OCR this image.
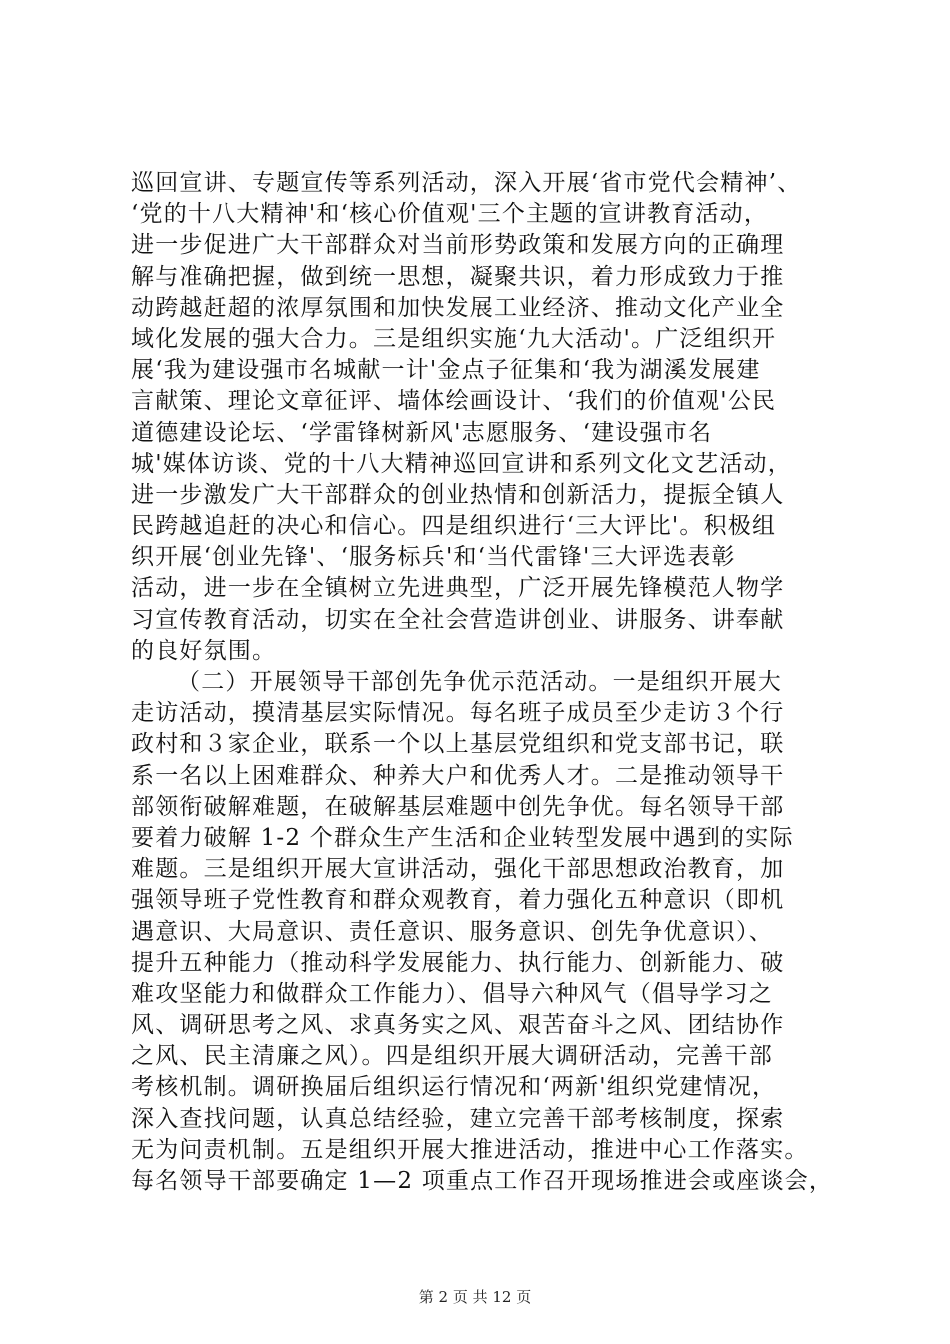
巡回宣讲、专题宣传等系列活动，深入开展‘省市党代会精神’、
‘党的十八大精神'和‘核心价值观'三个主题的宣讲教育活动，
进一步促进广大干部群众对当前形势政策和发展方向的正确理
解与准确把握，做到统一思想，凝聚共识，着力形成致力于推
动跨越赶超的浓厚氛围和加快发展工业经济、推动文化产业全
域化发展的强大合力。三是组织实施‘九大活动'。广泛组织开
展‘我为建设强市名城献一计'金点子征集和‘我为湖溪发展建
言献策、理论文章征评、墙体绘画设计、‘我们的价值观'公民
道德建设论坛、‘学雷锋树新风'志愿服务、‘建设强市名
城'媒体访谈、党的十八大精神巡回宣讲和系列文化文艺活动，
进一步激发广大干部群众的创业热情和创新活力，提振全镇人
民跨越追赶的决心和信心。四是组织进行‘三大评比'。积极组
织开展‘创业先锋'、‘服务标兵'和‘当代雷锋'三大评选表彰
活动，进一步在全镇树立先进典型，广泛开展先锋模范人物学
习宣传教育活动，切实在全社会营造讲创业、讲服务、讲奉献
的良好氛围。
（二）开展领导干部创先争优示范活动。一是组织开展大
走访活动，摸清基层实际情况。每名班子成员至少走访３个行
政村和３家企业，联系一个以上基层党组织和党支部书记，联
系一名以上困难群众、种养大户和优秀人才。二是推动领导干
部领衔破解难题，在破解基层难题中创先争优。每名领导干部
要着力破解 1-2 个群众生产生活和企业转型发展中遇到的实际
难题。三是组织开展大宣讲活动，强化干部思想政治教育，加
强领导班子党性教育和群众观教育，着力强化五种意识（即机
遇意识、大局意识、责任意识、服务意识、创先争优意识）、
提升五种能力（推动科学发展能力、执行能力、创新能力、破
难攻坚能力和做群众工作能力）、倡导六种风气（倡导学习之
风、调研思考之风、求真务实之风、艰苦奋斗之风、团结协作
之风、民主清廉之风）。四是组织开展大调研活动，完善干部
考核机制。调研换届后组织运行情况和‘两新'组织党建情况，
深入查找问题，认真总结经验，建立完善干部考核制度，探索
无为问责机制。五是组织开展大推进活动，推进中心工作落实。
每名领导干部要确定 1—2 项重点工作召开现场推进会或座谈会，
第 2 页 共 12 页
